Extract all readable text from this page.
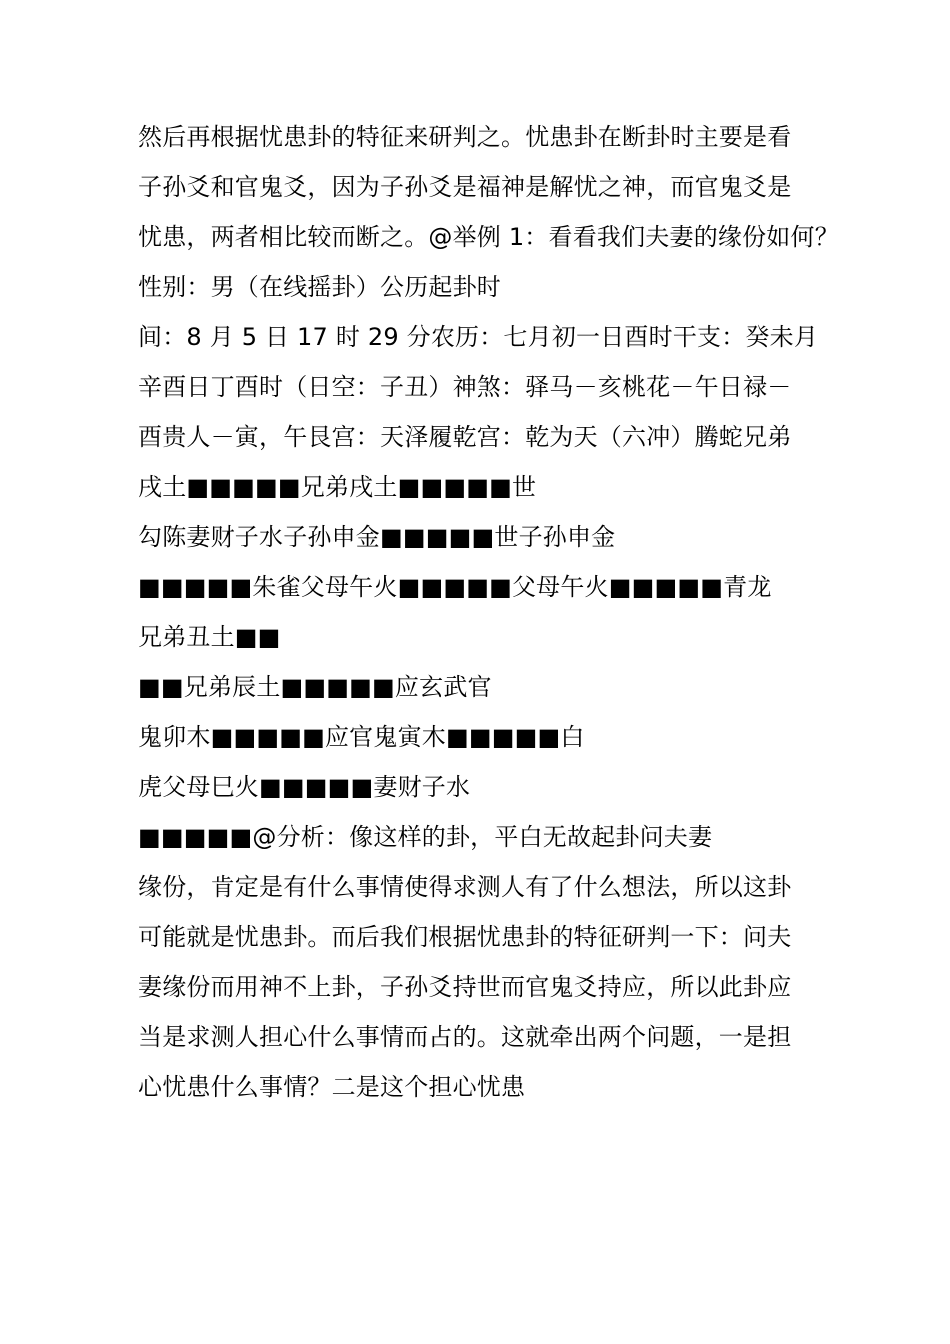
然后再根据忧患卦的特征来研判之。忧患卦在断卦时主要是看
子孙爻和官鬼爻，因为子孙爻是福神是解忧之神，而官鬼爻是
忧患，两者相比较而断之。@举例 1：看看我们夫妻的缘份如何？
性别：男（在线摇卦）公历起卦时
间：8 月 5 日 17 时 29 分农历：七月初一日酉时干支：癸未月
辛酉日丁酉时（日空：子丑）神煞：驿马－亥桃花－午日禄－
酉贵人－寅，午艮宫：天泽履乾宫：乾为天（六冲）腾蛇兄弟
戌土■■■■■兄弟戌土■■■■■世
勾陈妻财子水子孙申金■■■■■世子孙申金
■■■■■朱雀父母午火■■■■■父母午火■■■■■青龙
兄弟丑土■■
■■兄弟辰土■■■■■应玄武官
鬼卯木■■■■■应官鬼寅木■■■■■白
虎父母巳火■■■■■妻财子水
■■■■■@分析：像这样的卦，平白无故起卦问夫妻
缘份，肯定是有什么事情使得求测人有了什么想法，所以这卦
可能就是忧患卦。而后我们根据忧患卦的特征研判一下：问夫
妻缘份而用神不上卦，子孙爻持世而官鬼爻持应，所以此卦应
当是求测人担心什么事情而占的。这就牵出两个问题，一是担
心忧患什么事情？二是这个担心忧患
